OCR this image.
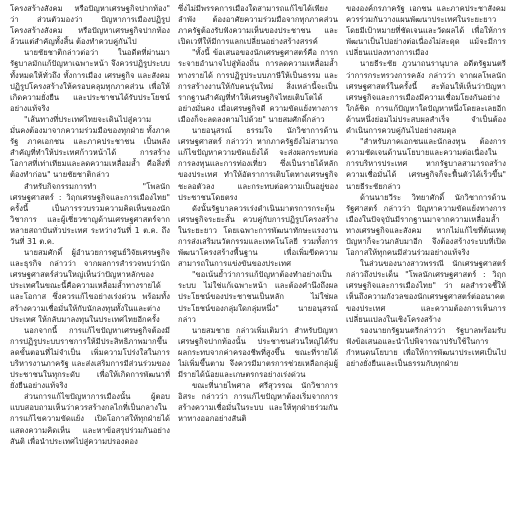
โครงสร้างสังคม หรือปัญหาเศรษฐกิจปากท้อง" ว่า ส่วนตัวมองว่า ปัญหาการเมืองปฏิรูปโครงสร้างสังคม หรือปัญหาเศรษฐกิจปากท้อง ล้วนแต่สำคัญทั้งสิ้น ต้องทำควบคู่กันไป

นายชัยชาติกล่าวต่อว่า ในอดีตที่ผ่านมารัฐบาลมักแก้ปัญหาเฉพาะหน้า จึงควรปฏิรูประบบทั้งหมดให้ทั่วถึง ทั้งการเมือง เศรษฐกิจ และสังคม ปฏิรูปโครงสร้างให้ครอบคลุมทุกภาคส่วน เพื่อให้เกิดความยั่งยืน และประชาชนได้รับประโยชน์อย่างแท้จริง

"เส้นทางที่ประเทศไทยจะเดินไปสู่ความมั่นคงต้องมาจากความร่วมมือของทุกฝ่าย ทั้งภาครัฐ ภาคเอกชน และภาคประชาชน เป็นพลังสำคัญที่ทำให้ประเทศก้าวหน้าได้ การสร้างโอกาสที่เท่าเทียมและลดความเหลื่อมล้ำ คือสิ่งที่ต้องทำก่อน" นายชัยชาติกล่าว

สำหรับกิจกรรมการทำ "โพลนักเศรษฐศาสตร์ : วิฤกเศรษฐกิจและการเมืองไทย" ครั้งนี้ เป็นการรวบรวมความคิดเห็นของนักวิชาการ และผู้เชี่ยวชาญด้านเศรษฐศาสตร์จากหลายสถาบันทั่วประเทศ ระหว่างวันที่ 1 ต.ค. ถึงวันที่ 31 ต.ค.

นายสมศักดิ์ ผู้อำนวยการศูนย์วิจัยเศรษฐกิจและธุรกิจ กล่าวว่า จากผลการสำรวจพบว่านักเศรษฐศาสตร์ส่วนใหญ่เห็นว่าปัญหาหลักของประเทศในขณะนี้คือความเหลื่อมล้ำทางรายได้และโอกาส ซึ่งควรแก้ไขอย่างเร่งด่วน พร้อมทั้งสร้างความเชื่อมั่นให้กับนักลงทุนทั้งในและต่างประเทศ ให้กลับมาลงทุนในประเทศไทยอีกครั้ง

นอกจากนี้ การแก้ไขปัญหาเศรษฐกิจต้องมีการปฏิรูประบบราชการให้มีประสิทธิภาพมากขึ้น ลดขั้นตอนที่ไม่จำเป็น เพิ่มความโปร่งใสในการบริหารงานภาครัฐ และส่งเสริมการมีส่วนร่วมของประชาชนในทุกระดับ เพื่อให้เกิดการพัฒนาที่ยั่งยืนอย่างแท้จริง

ส่วนการแก้ไขปัญหาการเมืองนั้น ผู้ตอบแบบสอบถามเห็นว่าควรสร้างกลไกที่เป็นกลางในการแก้ไขความขัดแย้ง เปิดโอกาสให้ทุกฝ่ายได้แสดงความคิดเห็น และหาข้อสรุปร่วมกันอย่างสันติ เพื่อนำประเทศไปสู่ความปรองดอง

ซึ่งไม่มีพรรคการเมืองใดสามารถแก้ไขได้เพียงลำพัง ต้องอาศัยความร่วมมือจากทุกภาคส่วน ภาครัฐต้องรับฟังความเห็นของประชาชน และเปิดเวทีให้มีการแลกเปลี่ยนอย่างสร้างสรรค์

"ทั้งนี้ ข้อเสนอของนักเศรษฐศาสตร์คือ การกระจายอำนาจไปสู่ท้องถิ่น การลดความเหลื่อมล้ำทางรายได้ การปฏิรูประบบภาษีให้เป็นธรรม และการสร้างงานให้กับคนรุ่นใหม่ สิ่งเหล่านี้จะเป็นรากฐานสำคัญที่ทำให้เศรษฐกิจไทยเติบโตได้อย่างมั่นคง เมื่อเศรษฐกิจดี ความขัดแย้งทางการเมืองก็จะลดลงตามไปด้วย" นายสมศักดิ์กล่าว

นายอนุสรณ์ ธรรมใจ นักวิชาการด้านเศรษฐศาสตร์ กล่าวว่า หากภาครัฐยังไม่สามารถแก้ไขปัญหาความขัดแย้งได้ จะส่งผลกระทบต่อการลงทุนและการท่องเที่ยว ซึ่งเป็นรายได้หลักของประเทศ ทำให้อัตราการเติบโตทางเศรษฐกิจชะลอตัวลง และกระทบต่อความเป็นอยู่ของประชาชนโดยตรง

ดังนั้นรัฐบาลควรเร่งดำเนินมาตรการกระตุ้นเศรษฐกิจระยะสั้น ควบคู่กับการปฏิรูปโครงสร้างในระยะยาว โดยเฉพาะการพัฒนาทักษะแรงงาน การส่งเสริมนวัตกรรมและเทคโนโลยี รวมทั้งการพัฒนาโครงสร้างพื้นฐาน เพื่อเพิ่มขีดความสามารถในการแข่งขันของประเทศ

"ขอเน้นย้ำว่าการแก้ปัญหาต้องทำอย่างเป็นระบบ ไม่ใช่แก้เฉพาะหน้า และต้องคำนึงถึงผลประโยชน์ของประชาชนเป็นหลัก ไม่ใช่ผลประโยชน์ของกลุ่มใดกลุ่มหนึ่ง" นายอนุสรณ์กล่าว

นายสมชาย กล่าวเพิ่มเติมว่า สำหรับปัญหาเศรษฐกิจปากท้องนั้น ประชาชนส่วนใหญ่ได้รับผลกระทบจากค่าครองชีพที่สูงขึ้น ขณะที่รายได้ไม่เพิ่มขึ้นตาม จึงควรมีมาตรการช่วยเหลือกลุ่มผู้มีรายได้น้อยและเกษตรกรอย่างเร่งด่วน

ขณะที่นายไพศาล ศรีสุวรรณ นักวิชาการอิสระ กล่าวว่า การแก้ไขปัญหาต้องเริ่มจากการสร้างความเชื่อมั่นในระบบ และให้ทุกฝ่ายร่วมกันหาทางออกอย่างสันติ

ขององค์กรภาครัฐ เอกชน และภาคประชาสังคม ควรร่วมกันวางแผนพัฒนาประเทศในระยะยาว โดยมีเป้าหมายที่ชัดเจนและวัดผลได้ เพื่อให้การพัฒนาเป็นไปอย่างต่อเนื่องไม่สะดุด แม้จะมีการเปลี่ยนแปลงทางการเมือง

นายธีระชัย ภูวนาถนรานุบาล อดีตรัฐมนตรีว่าการกระทรวงการคลัง กล่าวว่า จากผลโพลนักเศรษฐศาสตร์ในครั้งนี้ สะท้อนให้เห็นว่าปัญหาเศรษฐกิจและการเมืองมีความเชื่อมโยงกันอย่างใกล้ชิด การแก้ปัญหาใดปัญหาหนึ่งโดยละเลยอีกด้านหนึ่งย่อมไม่ประสบผลสำเร็จ จำเป็นต้องดำเนินการควบคู่กันไปอย่างสมดุล

"สำหรับภาคเอกชนและนักลงทุน ต้องการความชัดเจนด้านนโยบายและความต่อเนื่องในการบริหารประเทศ หากรัฐบาลสามารถสร้างความเชื่อมั่นได้ เศรษฐกิจก็จะฟื้นตัวได้เร็วขึ้น" นายธีระชัยกล่าว

ด้านนายวีระ วิทยาศักดิ์ นักวิชาการด้านรัฐศาสตร์ กล่าวว่า ปัญหาความขัดแย้งทางการเมืองในปัจจุบันมีรากฐานมาจากความเหลื่อมล้ำทางเศรษฐกิจและสังคม หากไม่แก้ไขที่ต้นเหตุ ปัญหาก็จะวนกลับมาอีก จึงต้องสร้างระบบที่เปิดโอกาสให้ทุกคนมีส่วนร่วมอย่างแท้จริง

ในส่วนของนางสาวพรรณี นักเศรษฐศาสตร์ กล่าวถึงประเด็น "โพลนักเศรษฐศาสตร์ : วิฤกเศรษฐกิจและการเมืองไทย" ว่า ผลสำรวจชี้ให้เห็นถึงความกังวลของนักเศรษฐศาสตร์ต่ออนาคตของประเทศ และความต้องการเห็นการเปลี่ยนแปลงในเชิงโครงสร้าง

รองนายกรัฐมนตรีกล่าวว่า รัฐบาลพร้อมรับฟังข้อเสนอและนำไปพิจารณาปรับใช้ในการกำหนดนโยบาย เพื่อให้การพัฒนาประเทศเป็นไปอย่างยั่งยืนและเป็นธรรมกับทุกฝ่าย
